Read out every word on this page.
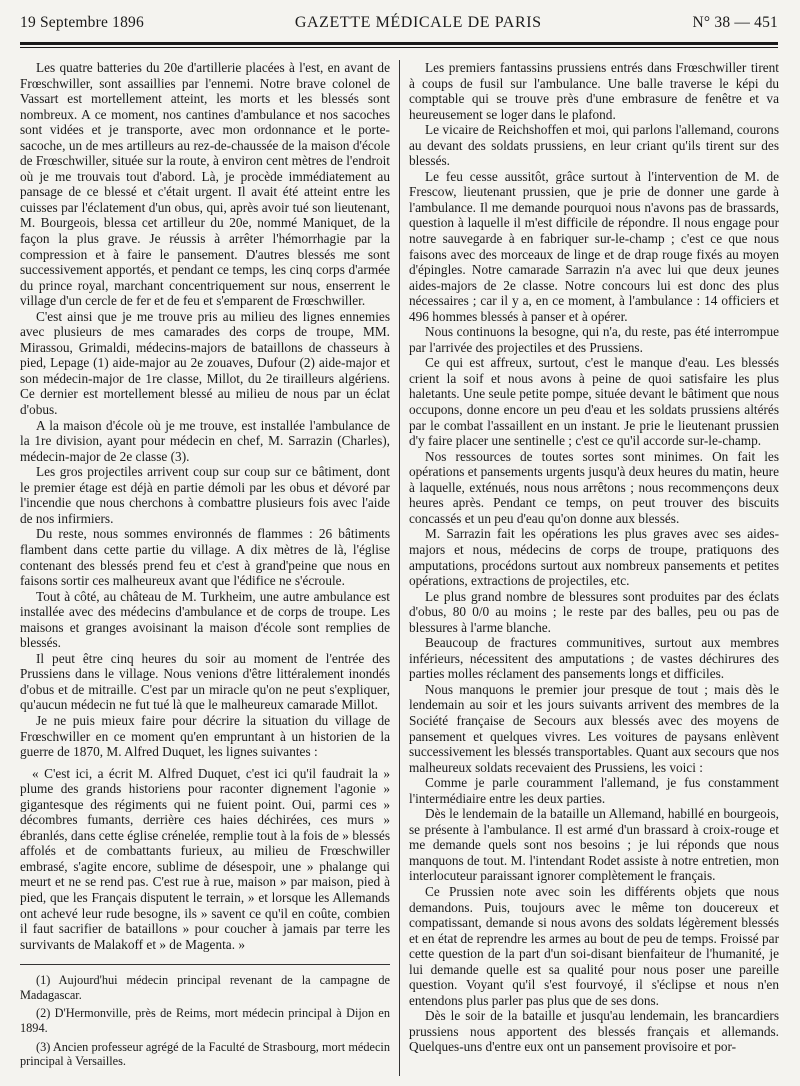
19 Septembre 1896	GAZETTE MÉDICALE DE PARIS	N° 38 — 451

Les quatre batteries du 20e d'artillerie placées à l'est, en avant de Frœschwiller, sont assaillies par l'ennemi. Notre brave colonel de Vassart est mortellement atteint, les morts et les blessés sont nombreux. A ce moment, nos cantines d'ambulance et nos sacoches sont vidées et je transporte, avec mon ordonnance et le porte-sacoche, un de mes artilleurs au rez-de-chaussée de la maison d'école de Frœschwiller, située sur la route, à environ cent mètres de l'endroit où je me trouvais tout d'abord. Là, je procède immédiatement au pansage de ce blessé et c'était urgent. Il avait été atteint entre les cuisses par l'éclatement d'un obus, qui, après avoir tué son lieutenant, M. Bourgeois, blessa cet artilleur du 20e, nommé Maniquet, de la façon la plus grave. Je réussis à arrêter l'hémorrhagie par la compression et à faire le pansement. D'autres blessés me sont successivement apportés, et pendant ce temps, les cinq corps d'armée du prince royal, marchant concentriquement sur nous, enserrent le village d'un cercle de fer et de feu et s'emparent de Frœschwiller.

C'est ainsi que je me trouve pris au milieu des lignes ennemies avec plusieurs de mes camarades des corps de troupe, MM. Mirassou, Grimaldi, médecins-majors de bataillons de chasseurs à pied, Lepage (1) aide-major au 2e zouaves, Dufour (2) aide-major et son médecin-major de 1re classe, Millot, du 2e tirailleurs algériens. Ce dernier est mortellement blessé au milieu de nous par un éclat d'obus.

A la maison d'école où je me trouve, est installée l'ambulance de la 1re division, ayant pour médecin en chef, M. Sarrazin (Charles), médecin-major de 2e classe (3).

Les gros projectiles arrivent coup sur coup sur ce bâtiment, dont le premier étage est déjà en partie démoli par les obus et dévoré par l'incendie que nous cherchons à combattre plusieurs fois avec l'aide de nos infirmiers.

Du reste, nous sommes environnés de flammes : 26 bâtiments flambent dans cette partie du village. A dix mètres de là, l'église contenant des blessés prend feu et c'est à grand'peine que nous en faisons sortir ces malheureux avant que l'édifice ne s'écroule.

Tout à côté, au château de M. Turkheim, une autre ambulance est installée avec des médecins d'ambulance et de corps de troupe. Les maisons et granges avoisinant la maison d'école sont remplies de blessés.

Il peut être cinq heures du soir au moment de l'entrée des Prussiens dans le village. Nous venions d'être littéralement inondés d'obus et de mitraille. C'est par un miracle qu'on ne peut s'expliquer, qu'aucun médecin ne fut tué là que le malheureux camarade Millot.

Je ne puis mieux faire pour décrire la situation du village de Frœschwiller en ce moment qu'en empruntant à un historien de la guerre de 1870, M. Alfred Duquet, les lignes suivantes :

« C'est ici, a écrit M. Alfred Duquet, c'est ici qu'il faudrait la » plume des grands historiens pour raconter dignement l'agonie » gigantesque des régiments qui ne fuient point. Oui, parmi ces » décombres fumants, derrière ces haies déchirées, ces murs » ébranlés, dans cette église crénelée, remplie tout à la fois de » blessés affolés et de combattants furieux, au milieu de Frœschwiller embrasé, s'agite encore, sublime de désespoir, une » phalange qui meurt et ne se rend pas. C'est rue à rue, maison » par maison, pied à pied, que les Français disputent le terrain, » et lorsque les Allemands ont achevé leur rude besogne, ils » savent ce qu'il en coûte, combien il faut sacrifier de bataillons » pour coucher à jamais par terre les survivants de Malakoff et » de Magenta. »

(1) Aujourd'hui médecin principal revenant de la campagne de Madagascar.

(2) D'Hermonville, près de Reims, mort médecin principal à Dijon en 1894.

(3) Ancien professeur agrégé de la Faculté de Strasbourg, mort médecin principal à Versailles.

Les premiers fantassins prussiens entrés dans Frœschwiller tirent à coups de fusil sur l'ambulance. Une balle traverse le képi du comptable qui se trouve près d'une embrasure de fenêtre et va heureusement se loger dans le plafond.

Le vicaire de Reichshoffen et moi, qui parlons l'allemand, courons au devant des soldats prussiens, en leur criant qu'ils tirent sur des blessés.

Le feu cesse aussitôt, grâce surtout à l'intervention de M. de Frescow, lieutenant prussien, que je prie de donner une garde à l'ambulance. Il me demande pourquoi nous n'avons pas de brassards, question à laquelle il m'est difficile de répondre. Il nous engage pour notre sauvegarde à en fabriquer sur-le-champ ; c'est ce que nous faisons avec des morceaux de linge et de drap rouge fixés au moyen d'épingles. Notre camarade Sarrazin n'a avec lui que deux jeunes aides-majors de 2e classe. Notre concours lui est donc des plus nécessaires ; car il y a, en ce moment, à l'ambulance : 14 officiers et 496 hommes blessés à panser et à opérer.

Nous continuons la besogne, qui n'a, du reste, pas été interrompue par l'arrivée des projectiles et des Prussiens.

Ce qui est affreux, surtout, c'est le manque d'eau. Les blessés crient la soif et nous avons à peine de quoi satisfaire les plus haletants. Une seule petite pompe, située devant le bâtiment que nous occupons, donne encore un peu d'eau et les soldats prussiens altérés par le combat l'assaillent en un instant. Je prie le lieutenant prussien d'y faire placer une sentinelle ; c'est ce qu'il accorde sur-le-champ.

Nos ressources de toutes sortes sont minimes. On fait les opérations et pansements urgents jusqu'à deux heures du matin, heure à laquelle, exténués, nous nous arrêtons ; nous recommençons deux heures après. Pendant ce temps, on peut trouver des biscuits concassés et un peu d'eau qu'on donne aux blessés.

M. Sarrazin fait les opérations les plus graves avec ses aides-majors et nous, médecins de corps de troupe, pratiquons des amputations, procédons surtout aux nombreux pansements et petites opérations, extractions de projectiles, etc.

Le plus grand nombre de blessures sont produites par des éclats d'obus, 80 0/0 au moins ; le reste par des balles, peu ou pas de blessures à l'arme blanche.

Beaucoup de fractures communitives, surtout aux membres inférieurs, nécessitent des amputations ; de vastes déchirures des parties molles réclament des pansements longs et difficiles.

Nous manquons le premier jour presque de tout ; mais dès le lendemain au soir et les jours suivants arrivent des membres de la Société française de Secours aux blessés avec des moyens de pansement et quelques vivres. Les voitures de paysans enlèvent successivement les blessés transportables. Quant aux secours que nos malheureux soldats recevaient des Prussiens, les voici :

Comme je parle couramment l'allemand, je fus constamment l'intermédiaire entre les deux parties.

Dès le lendemain de la bataille un Allemand, habillé en bourgeois, se présente à l'ambulance. Il est armé d'un brassard à croix-rouge et me demande quels sont nos besoins ; je lui réponds que nous manquons de tout. M. l'intendant Rodet assiste à notre entretien, mon interlocuteur paraissant ignorer complètement le français.

Ce Prussien note avec soin les différents objets que nous demandons. Puis, toujours avec le même ton doucereux et compatissant, demande si nous avons des soldats légèrement blessés et en état de reprendre les armes au bout de peu de temps. Froissé par cette question de la part d'un soi-disant bienfaiteur de l'humanité, je lui demande quelle est sa qualité pour nous poser une pareille question. Voyant qu'il s'est fourvoyé, il s'éclipse et nous n'en entendons plus parler pas plus que de ses dons.

Dès le soir de la bataille et jusqu'au lendemain, les brancardiers prussiens nous apportent des blessés français et allemands. Quelques-uns d'entre eux ont un pansement provisoire et por-
